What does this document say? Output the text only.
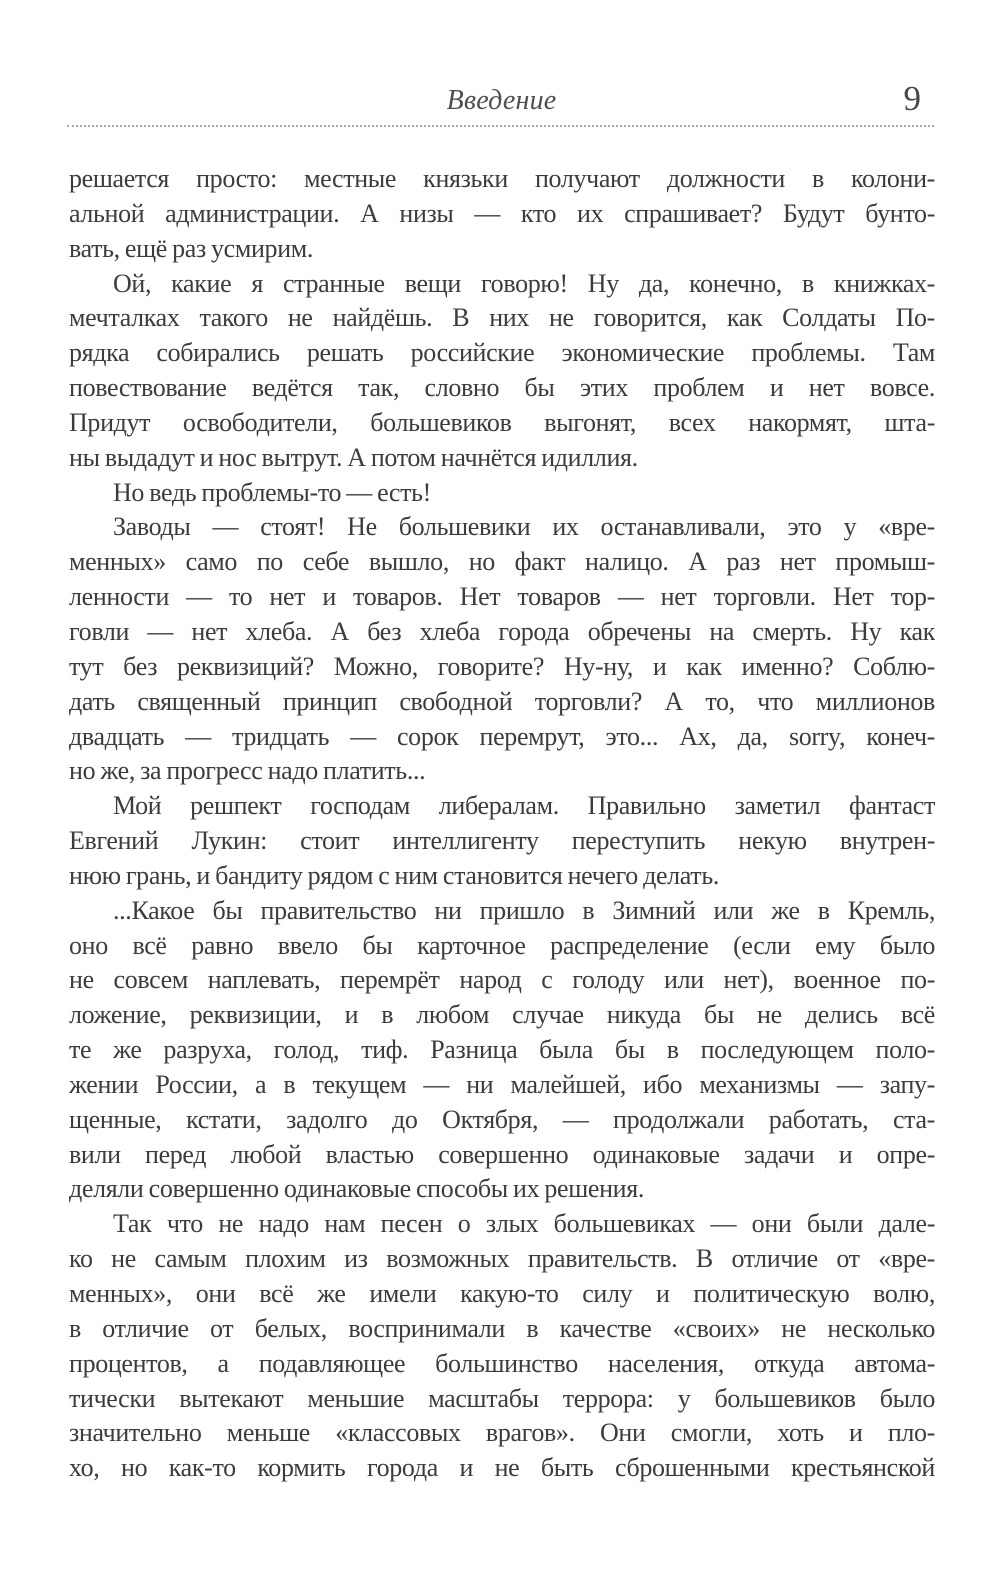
Введение	9
решается просто: местные князьки получают должности в колони-
альной администрации. А низы — кто их спрашивает? Будут бунто-
вать, ещё раз усмирим.
Ой, какие я странные вещи говорю! Ну да, конечно, в книжках-
мечталках такого не найдёшь. В них не говорится, как Солдаты По-
рядка собирались решать российские экономические проблемы. Там
повествование ведётся так, словно бы этих проблем и нет вовсе.
Придут освободители, большевиков выгонят, всех накормят, шта-
ны выдадут и нос вытрут. А потом начнётся идиллия.
Но ведь проблемы-то — есть!
Заводы — стоят! Не большевики их останавливали, это у «вре-
менных» само по себе вышло, но факт налицо. А раз нет промыш-
ленности — то нет и товаров. Нет товаров — нет торговли. Нет тор-
говли — нет хлеба. А без хлеба города обречены на смерть. Ну как
тут без реквизиций? Можно, говорите? Ну-ну, и как именно? Соблю-
дать священный принцип свободной торговли? А то, что миллионов
двадцать — тридцать — сорок перемрут, это... Ах, да, sorry, конеч-
но же, за прогресс надо платить...
Мой решпект господам либералам. Правильно заметил фантаст
Евгений Лукин: стоит интеллигенту переступить некую внутрен-
нюю грань, и бандиту рядом с ним становится нечего делать.
...Какое бы правительство ни пришло в Зимний или же в Кремль,
оно всё равно ввело бы карточное распределение (если ему было
не совсем наплевать, перемрёт народ с голоду или нет), военное по-
ложение, реквизиции, и в любом случае никуда бы не делись всё
те же разруха, голод, тиф. Разница была бы в последующем поло-
жении России, а в текущем — ни малейшей, ибо механизмы — запу-
щенные, кстати, задолго до Октября, — продолжали работать, ста-
вили перед любой властью совершенно одинаковые задачи и опре-
деляли совершенно одинаковые способы их решения.
Так что не надо нам песен о злых большевиках — они были дале-
ко не самым плохим из возможных правительств. В отличие от «вре-
менных», они всё же имели какую-то силу и политическую волю,
в отличие от белых, воспринимали в качестве «своих» не несколько
процентов, а подавляющее большинство населения, откуда автома-
тически вытекают меньшие масштабы террора: у большевиков было
значительно меньше «классовых врагов». Они смогли, хоть и пло-
хо, но как-то кормить города и не быть сброшенными крестьянской
